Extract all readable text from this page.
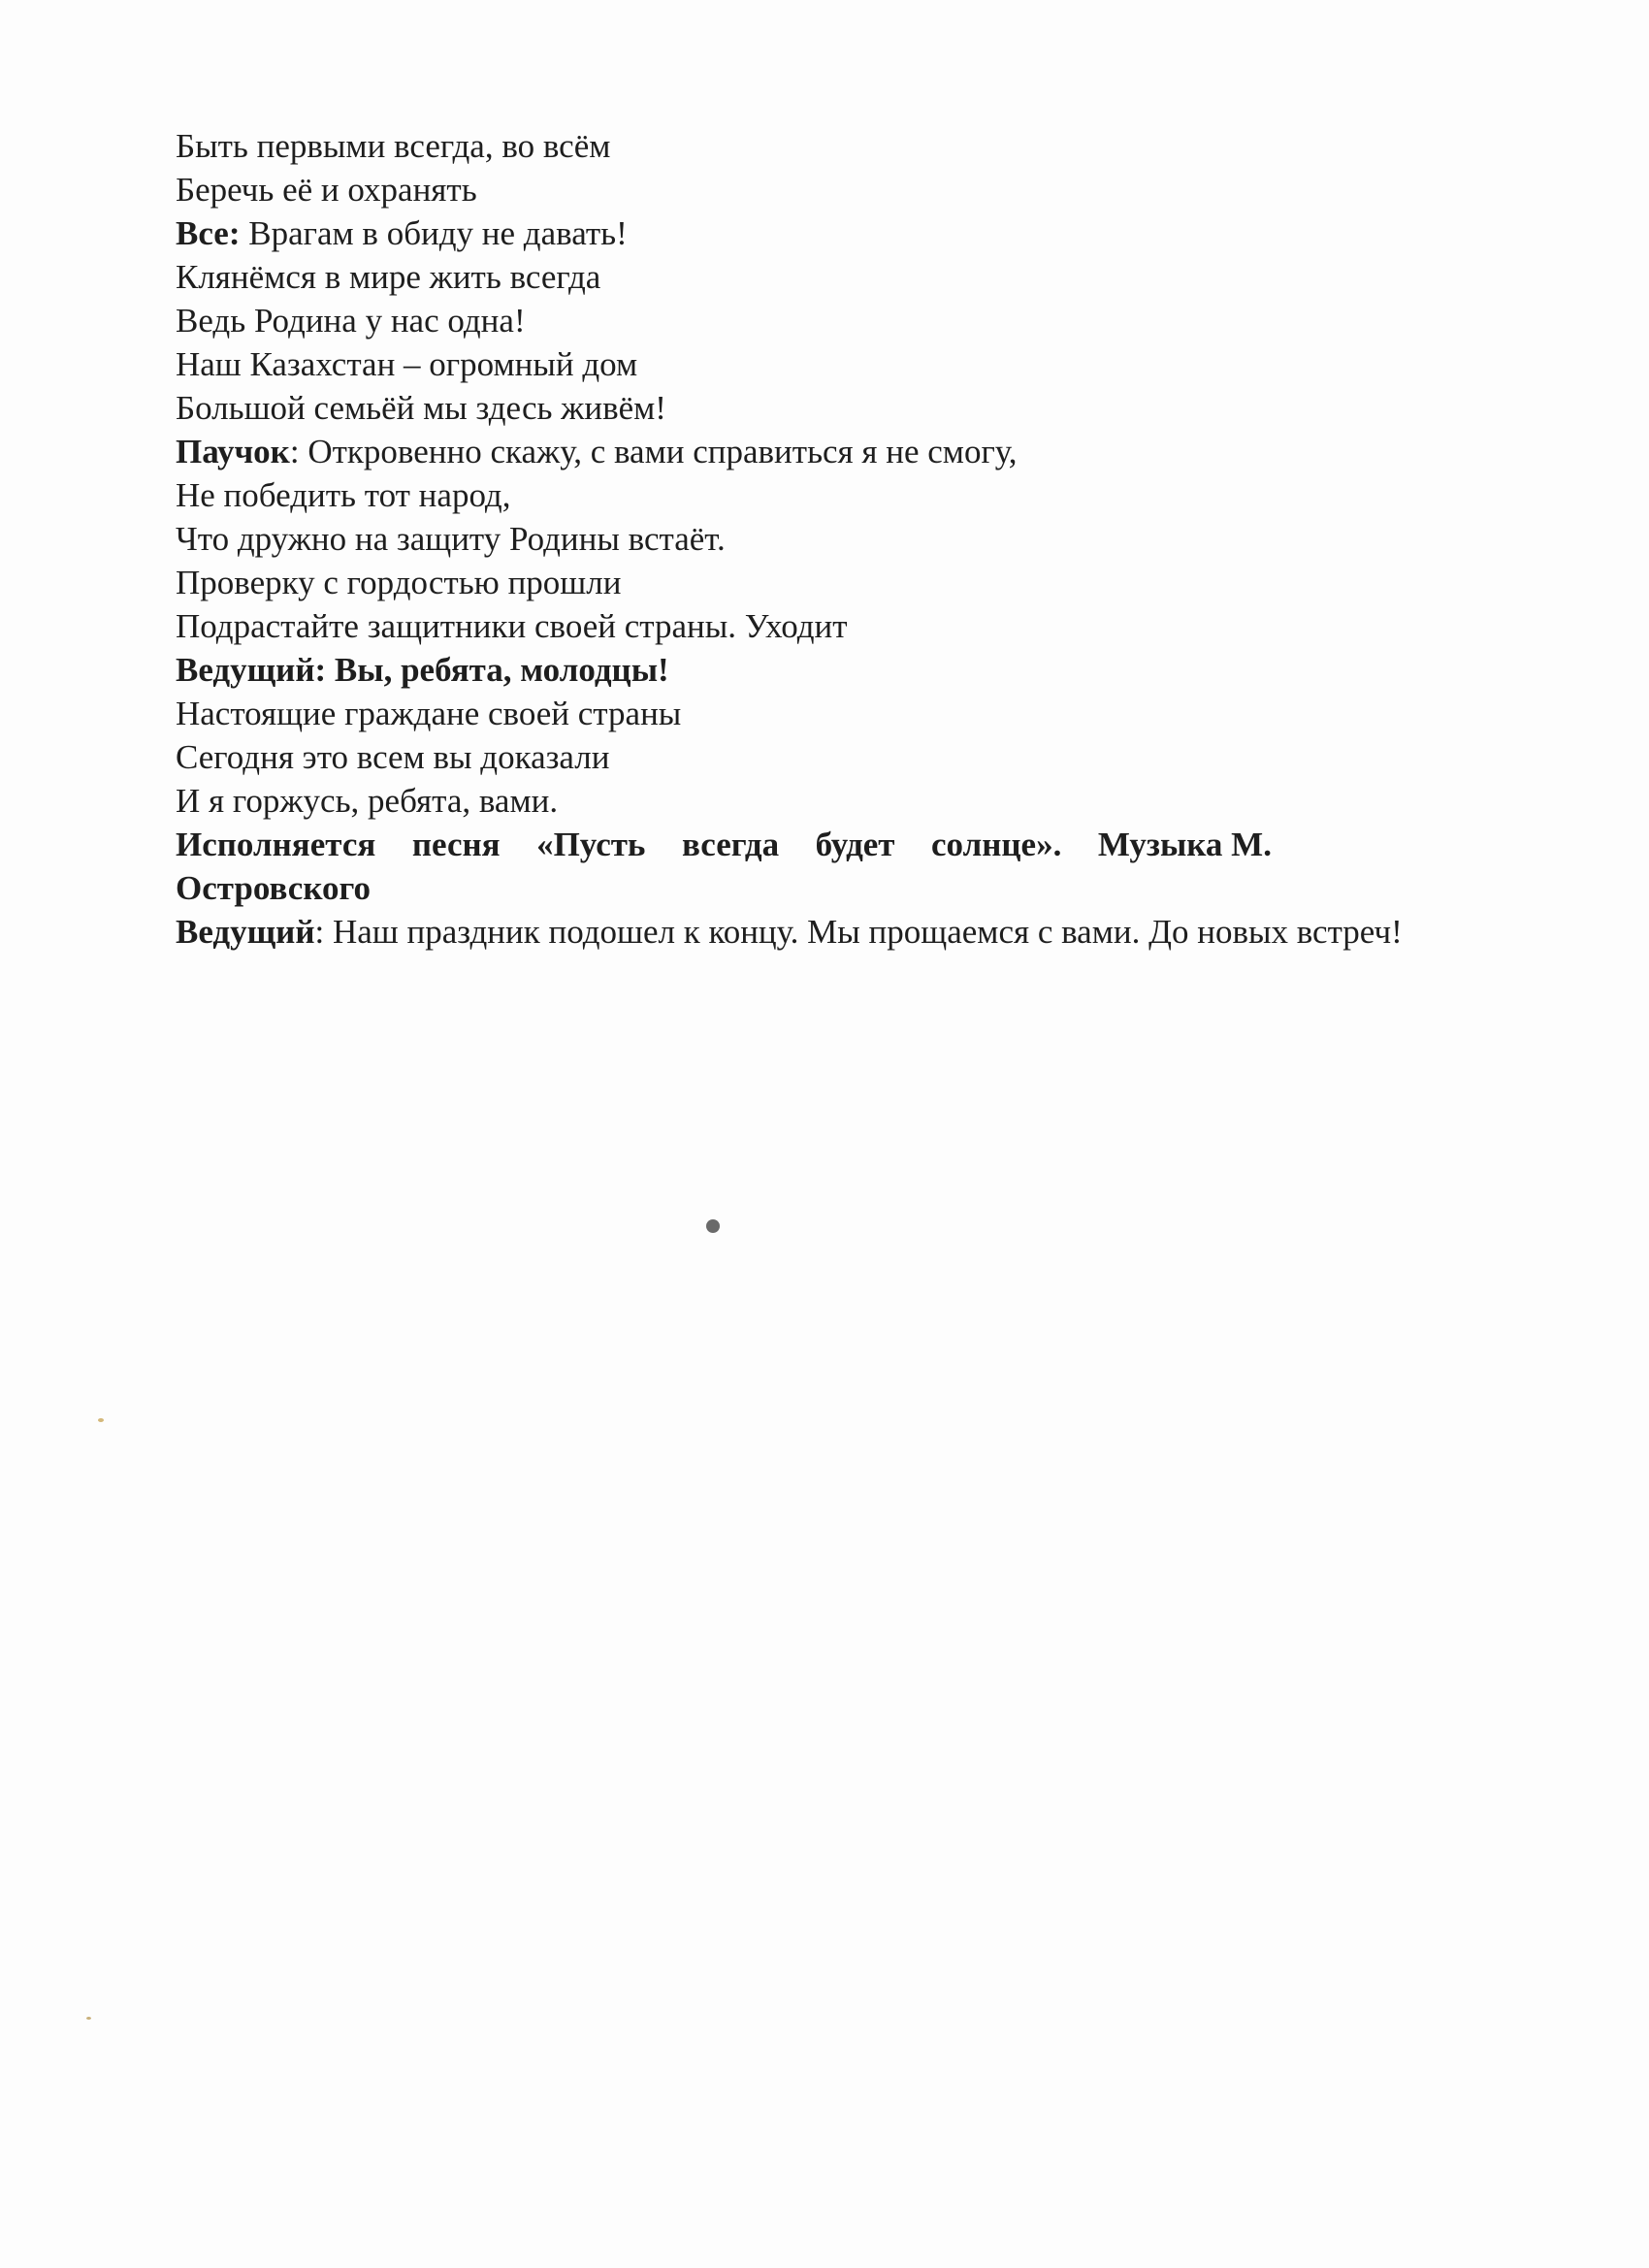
Быть первыми всегда, во всём
Беречь её и охранять
Все: Врагам в обиду не давать!
Клянёмся в мире жить всегда
Ведь Родина у нас одна!
Наш Казахстан – огромный дом
Большой семьёй мы здесь живём!
Паучок: Откровенно скажу, с вами справиться я не смогу,
Не победить тот народ,
Что дружно на защиту Родины встаёт.
Проверку с гордостью прошли
Подрастайте защитники своей страны. Уходит
Ведущий: Вы, ребята, молодцы!
Настоящие граждане своей страны
Сегодня это всем вы доказали
И я горжусь, ребята, вами.
Исполняется песня «Пусть всегда будет солнце». Музыка М.
Островского
Ведущий: Наш праздник подошел к концу. Мы прощаемся с вами. До новых встреч!
